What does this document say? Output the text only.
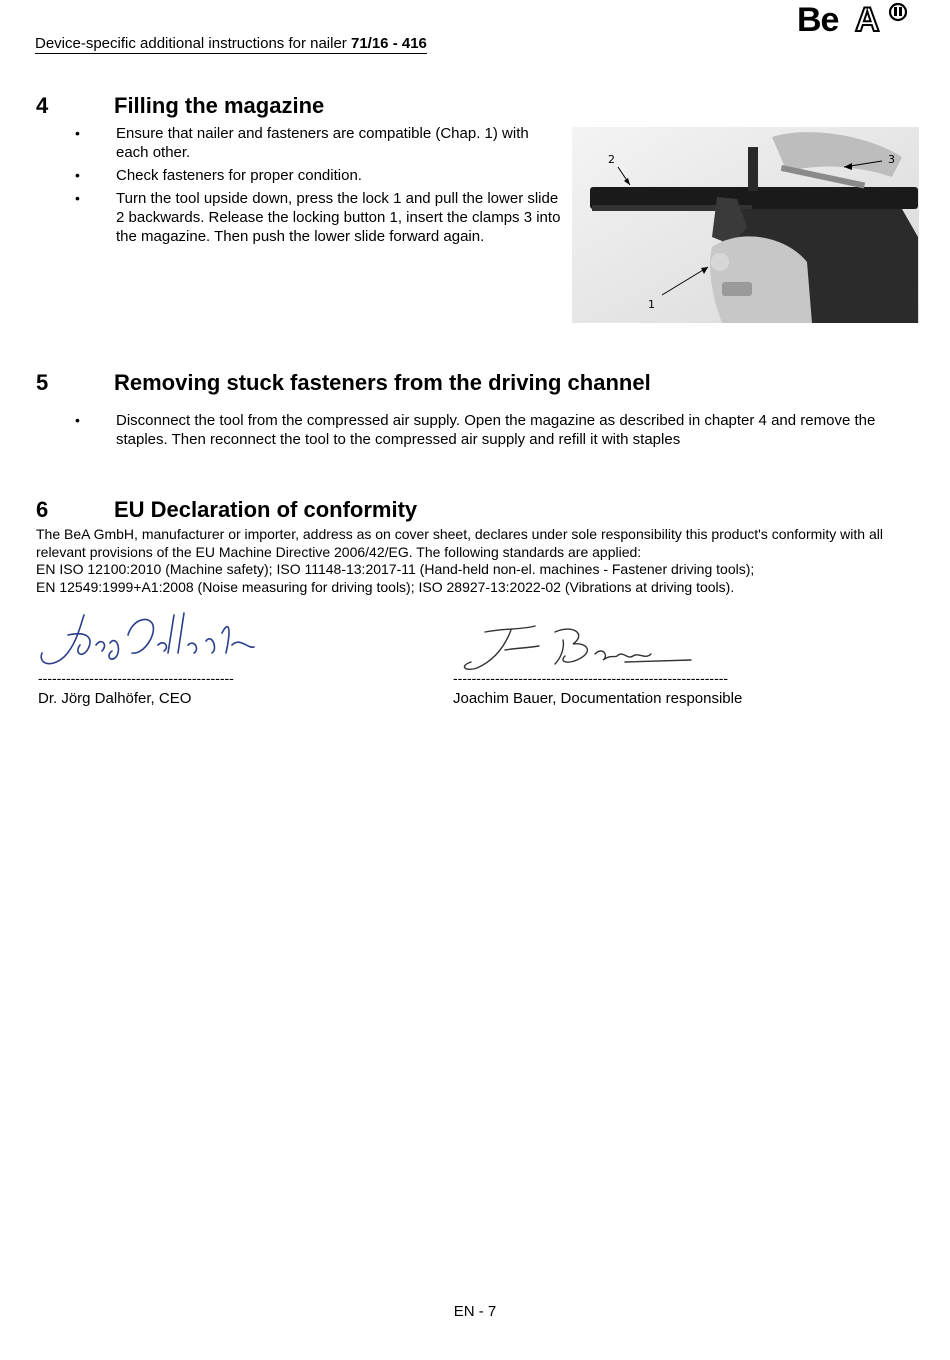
Device-specific additional instructions for nailer 71/16 - 416
Be A
4	Filling the magazine
•	Ensure that nailer and fasteners are compatible (Chap. 1) with each other.
•	Check fasteners for proper condition.
•	Turn the tool upside down, press the lock 1 and pull the lower slide 2 backwards. Release the locking button 1, insert the clamps 3 into the magazine. Then push the lower slide forward again.
2	3
1
5	Removing stuck fasteners from the driving channel
•	Disconnect the tool from the compressed air supply. Open the magazine as described in chapter 4 and remove the staples. Then reconnect the tool to the compressed air supply and refill it with staples
6	EU Declaration of conformity
The BeA GmbH, manufacturer or importer, address as on cover sheet, declares under sole responsibility this product's conformity with all
relevant provisions of the EU Machine Directive 2006/42/EG. The following standards are applied:
EN ISO 12100:2010 (Machine safety); ISO 11148-13:2017-11 (Hand-held non-el. machines - Fastener driving tools);
EN 12549:1999+A1:2008 (Noise measuring for driving tools); ISO 28927-13:2022-02 (Vibrations at driving tools).
------------------------------------------
Dr. Jörg Dalhöfer, CEO
-----------------------------------------------------------
Joachim Bauer, Documentation responsible
EN - 7
